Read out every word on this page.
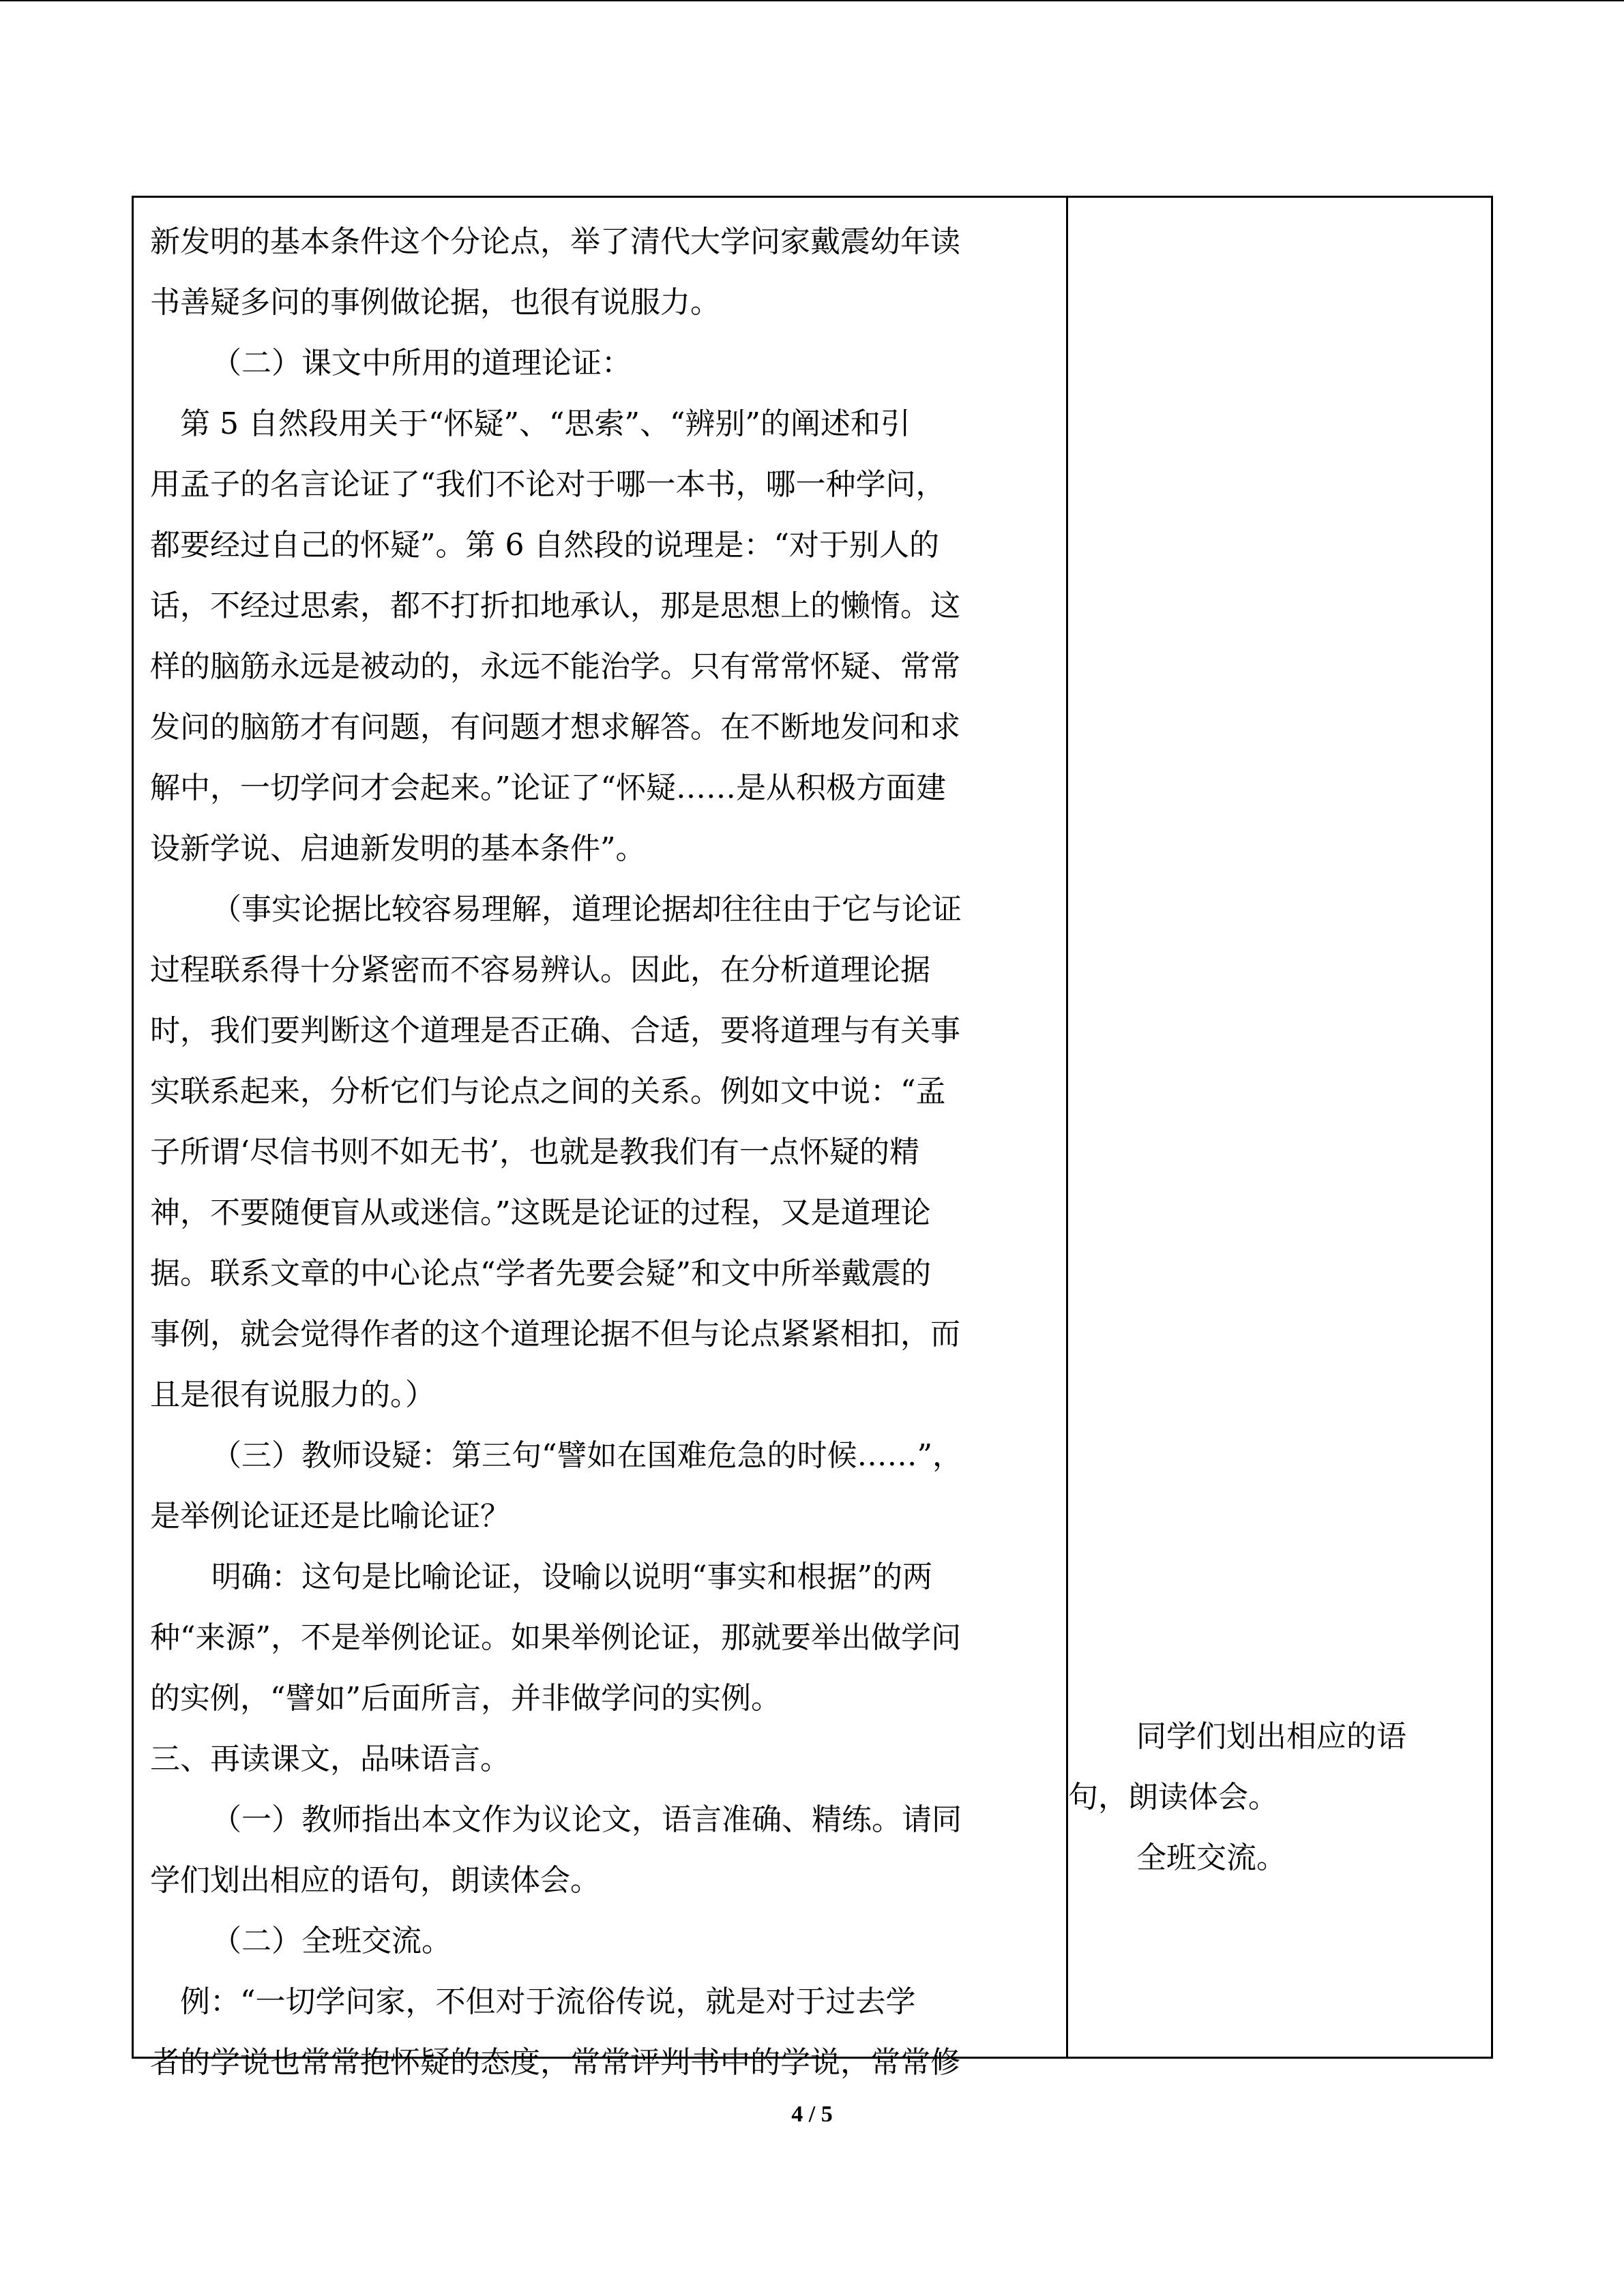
新发明的基本条件这个分论点，举了清代大学问家戴震幼年读

书善疑多问的事例做论据，也很有说服力。

（二）课文中所用的道理论证：

第 5 自然段用关于“怀疑”、“思索”、“辨别”的阐述和引

用孟子的名言论证了“我们不论对于哪一本书，哪一种学问，

都要经过自己的怀疑”。第 6 自然段的说理是：“对于别人的

话，不经过思索，都不打折扣地承认，那是思想上的懒惰。这

样的脑筋永远是被动的，永远不能治学。只有常常怀疑、常常

发问的脑筋才有问题，有问题才想求解答。在不断地发问和求

解中，一切学问才会起来。”论证了“怀疑……是从积极方面建

设新学说、启迪新发明的基本条件”。

（事实论据比较容易理解，道理论据却往往由于它与论证

过程联系得十分紧密而不容易辨认。因此，在分析道理论据

时，我们要判断这个道理是否正确、合适，要将道理与有关事

实联系起来，分析它们与论点之间的关系。例如文中说：“孟

子所谓‘尽信书则不如无书’，也就是教我们有一点怀疑的精

神，不要随便盲从或迷信。”这既是论证的过程，又是道理论

据。联系文章的中心论点“学者先要会疑”和文中所举戴震的

事例，就会觉得作者的这个道理论据不但与论点紧紧相扣，而

且是很有说服力的。）

（三）教师设疑：第三句“譬如在国难危急的时候……”，

是举例论证还是比喻论证？

明确：这句是比喻论证，设喻以说明“事实和根据”的两

种“来源”，不是举例论证。如果举例论证，那就要举出做学问

的实例，“譬如”后面所言，并非做学问的实例。

三、再读课文，品味语言。

（一）教师指出本文作为议论文，语言准确、精练。请同

学们划出相应的语句，朗读体会。

（二）全班交流。

例：“一切学问家，不但对于流俗传说，就是对于过去学

者的学说也常常抱怀疑的态度，常常评判书中的学说，常常修

同学们划出相应的语

句，朗读体会。

全班交流。

4 / 5
